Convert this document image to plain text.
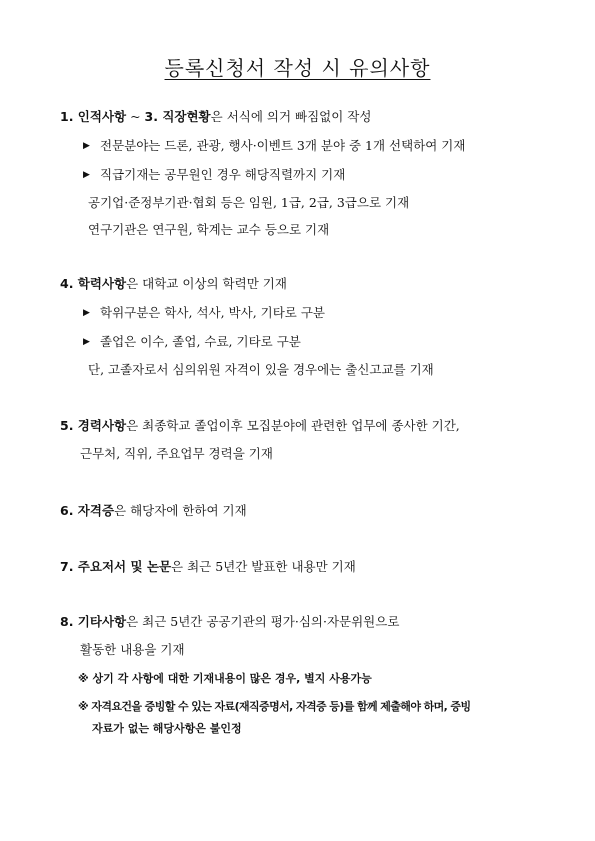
등록신청서 작성 시 유의사항
1. 인적사항 ~ 3. 직장현황은 서식에 의거 빠짐없이 작성
▶ 전문분야는 드론, 관광, 행사·이벤트 3개 분야 중 1개 선택하여 기재
▶ 직급기재는 공무원인 경우 해당직렬까지 기재
공기업·준정부기관·협회 등은 임원, 1급, 2급, 3급으로 기재
연구기관은 연구원, 학계는 교수 등으로 기재
4. 학력사항은 대학교 이상의 학력만 기재
▶ 학위구분은 학사, 석사, 박사, 기타로 구분
▶ 졸업은 이수, 졸업, 수료, 기타로 구분
단, 고졸자로서 심의위원 자격이 있을 경우에는 출신고교를 기재
5. 경력사항은 최종학교 졸업이후 모집분야에 관련한 업무에 종사한 기간,
근무처, 직위, 주요업무 경력을 기재
6. 자격증은 해당자에 한하여 기재
7. 주요저서 및 논문은 최근 5년간 발표한 내용만 기재
8. 기타사항은 최근 5년간 공공기관의 평가·심의·자문위원으로
활동한 내용을 기재
※ 상기 각 사항에 대한 기재내용이 많은 경우, 별지 사용가능
※ 자격요건을 증빙할 수 있는 자료(재직증명서, 자격증 등)를 함께 제출해야 하며, 증빙
자료가 없는 해당사항은 불인정
